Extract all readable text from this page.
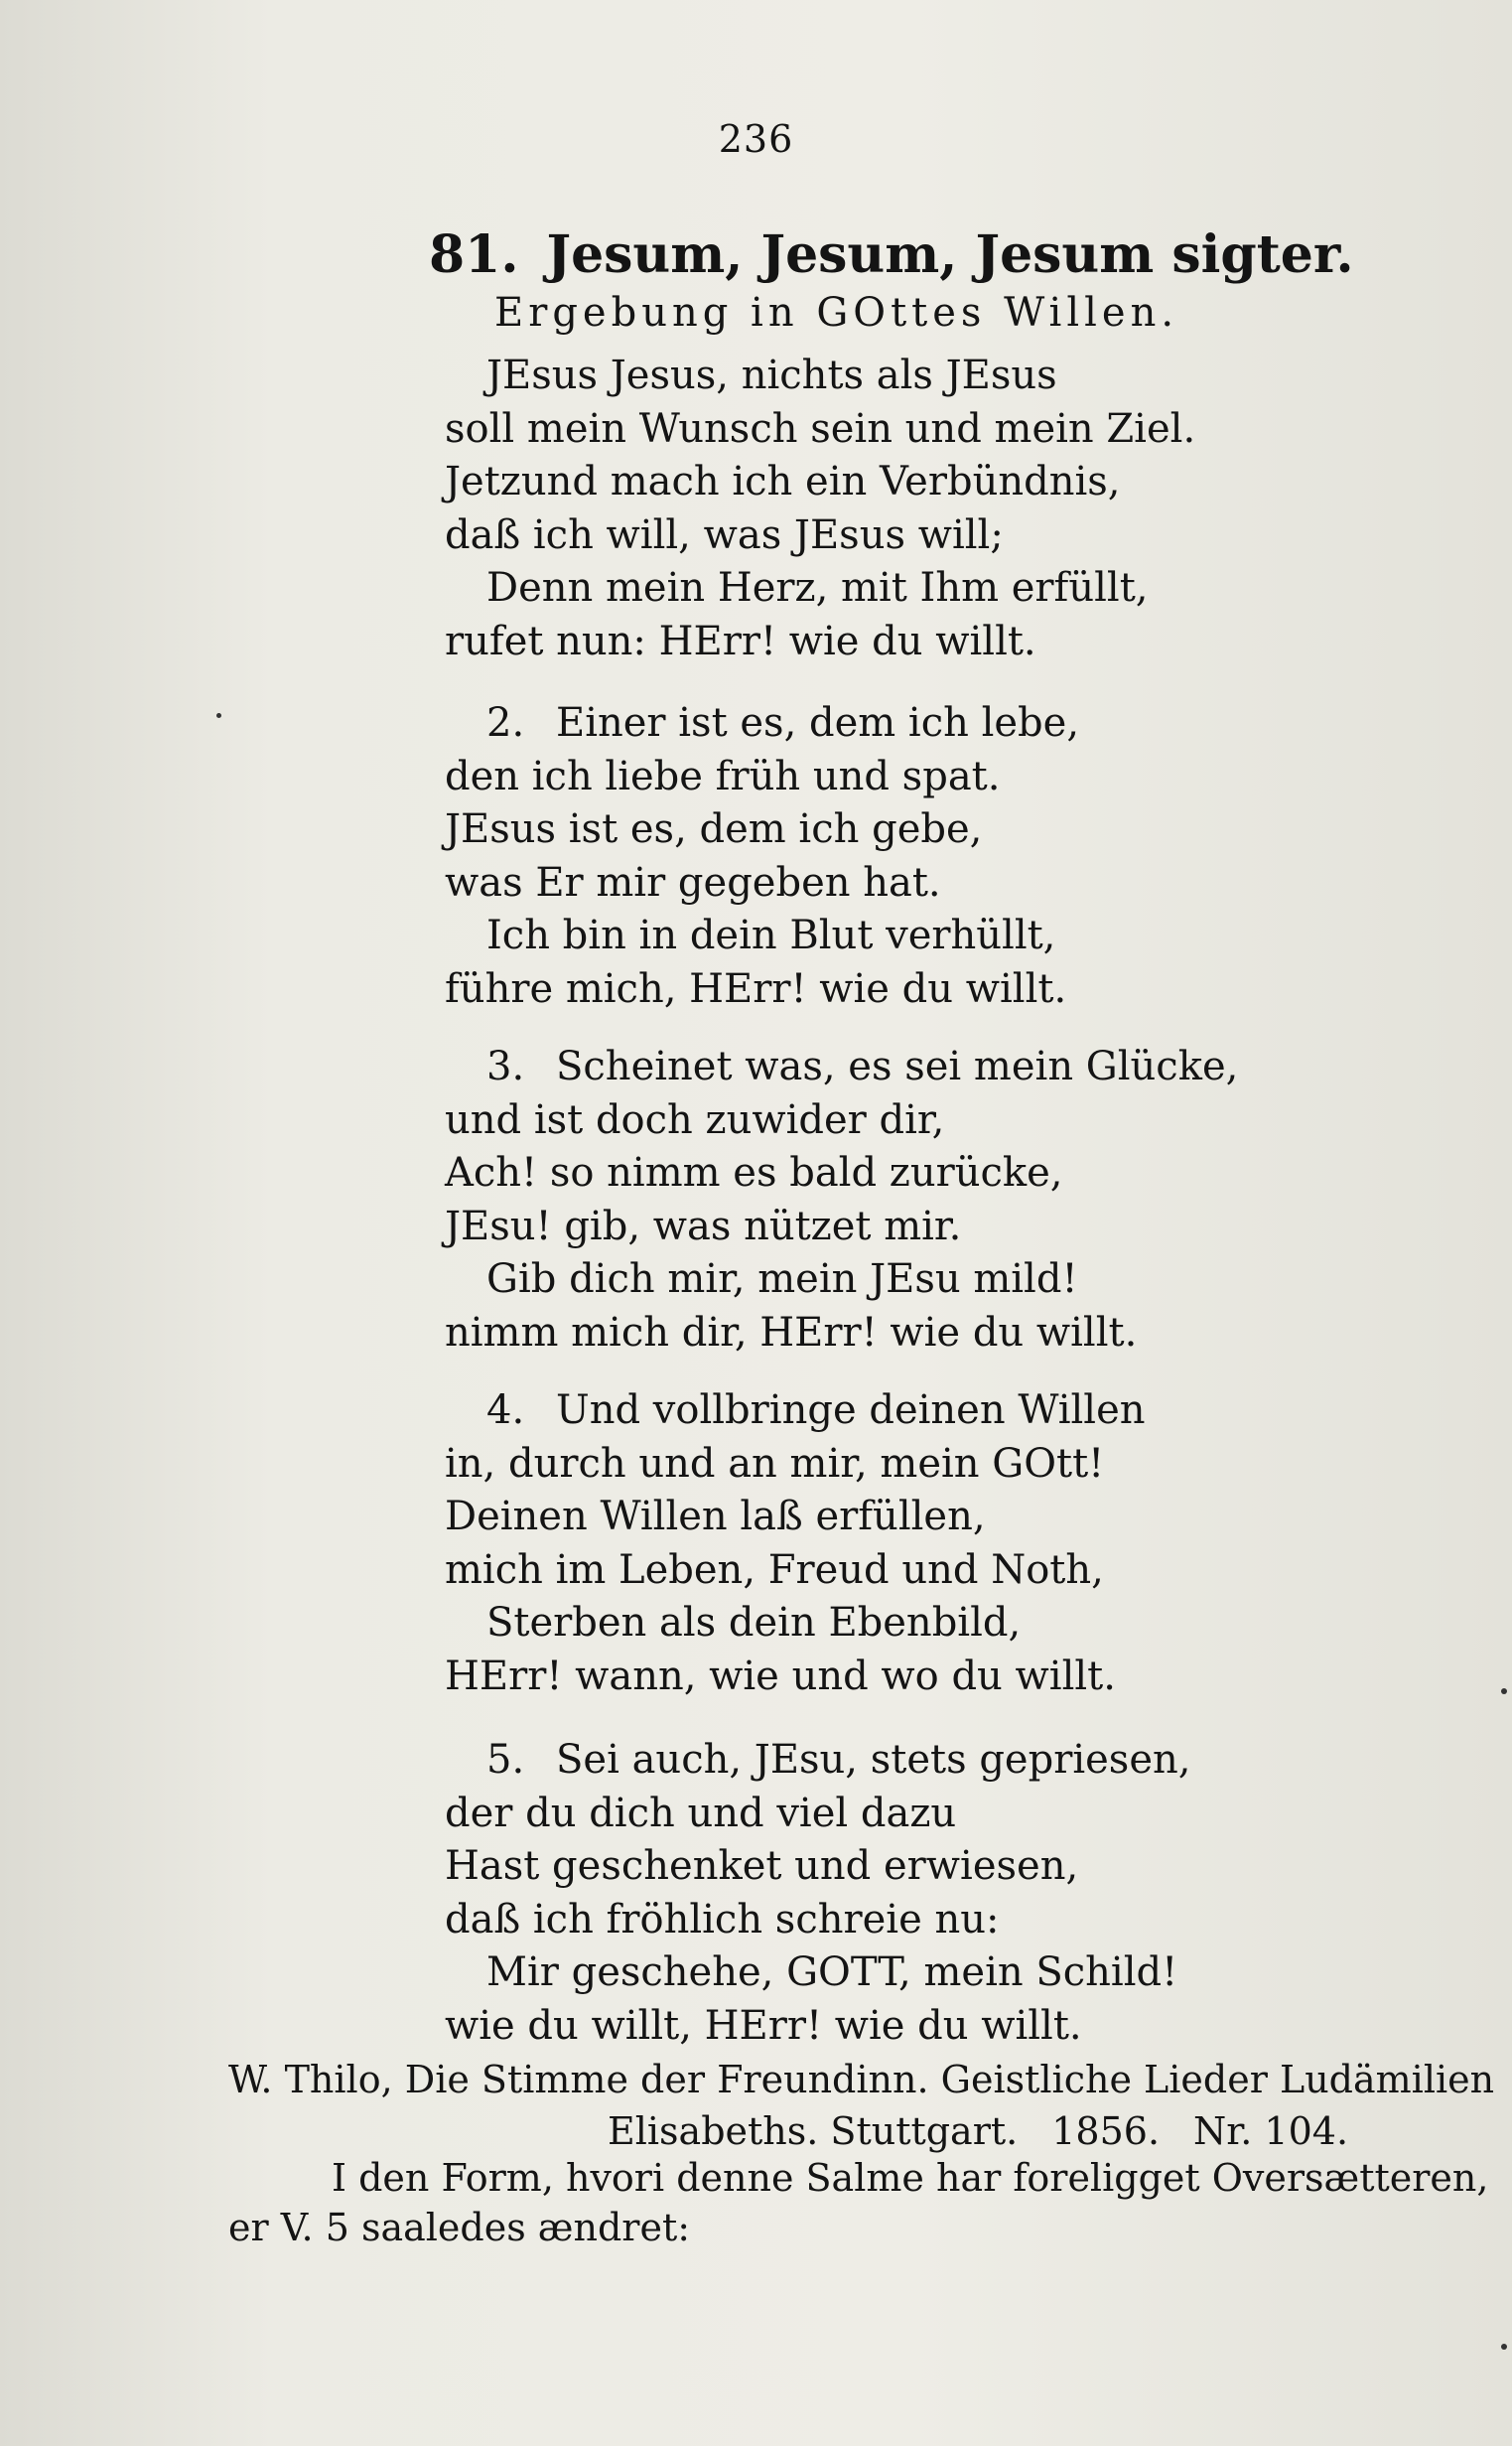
236
81. Jesum, Jesum, Jesum sigter.
Ergebung in GOttes Willen.
JEsus Jesus, nichts als JEsus
soll mein Wunsch sein und mein Ziel.
Jetzund mach ich ein Verbündnis,
daß ich will, was JEsus will;
Denn mein Herz, mit Ihm erfüllt,
rufet nun: HErr! wie du willt.
2. Einer ist es, dem ich lebe,
den ich liebe früh und spat.
JEsus ist es, dem ich gebe,
was Er mir gegeben hat.
Ich bin in dein Blut verhüllt,
führe mich, HErr! wie du willt.
3. Scheinet was, es sei mein Glücke,
und ist doch zuwider dir,
Ach! so nimm es bald zurücke,
JEsu! gib, was nützet mir.
Gib dich mir, mein JEsu mild!
nimm mich dir, HErr! wie du willt.
4. Und vollbringe deinen Willen
in, durch und an mir, mein GOtt!
Deinen Willen laß erfüllen,
mich im Leben, Freud und Noth,
Sterben als dein Ebenbild,
HErr! wann, wie und wo du willt.
5. Sei auch, JEsu, stets gepriesen,
der du dich und viel dazu
Hast geschenket und erwiesen,
daß ich fröhlich schreie nu:
Mir geschehe, GOTT, mein Schild!
wie du willt, HErr! wie du willt.
W. Thilo, Die Stimme der Freundinn. Geistliche Lieder Ludämilien
Elisabeths. Stuttgart. 1856. Nr. 104.
I den Form, hvori denne Salme har foreligget Oversætteren,
er V. 5 saaledes ændret:
